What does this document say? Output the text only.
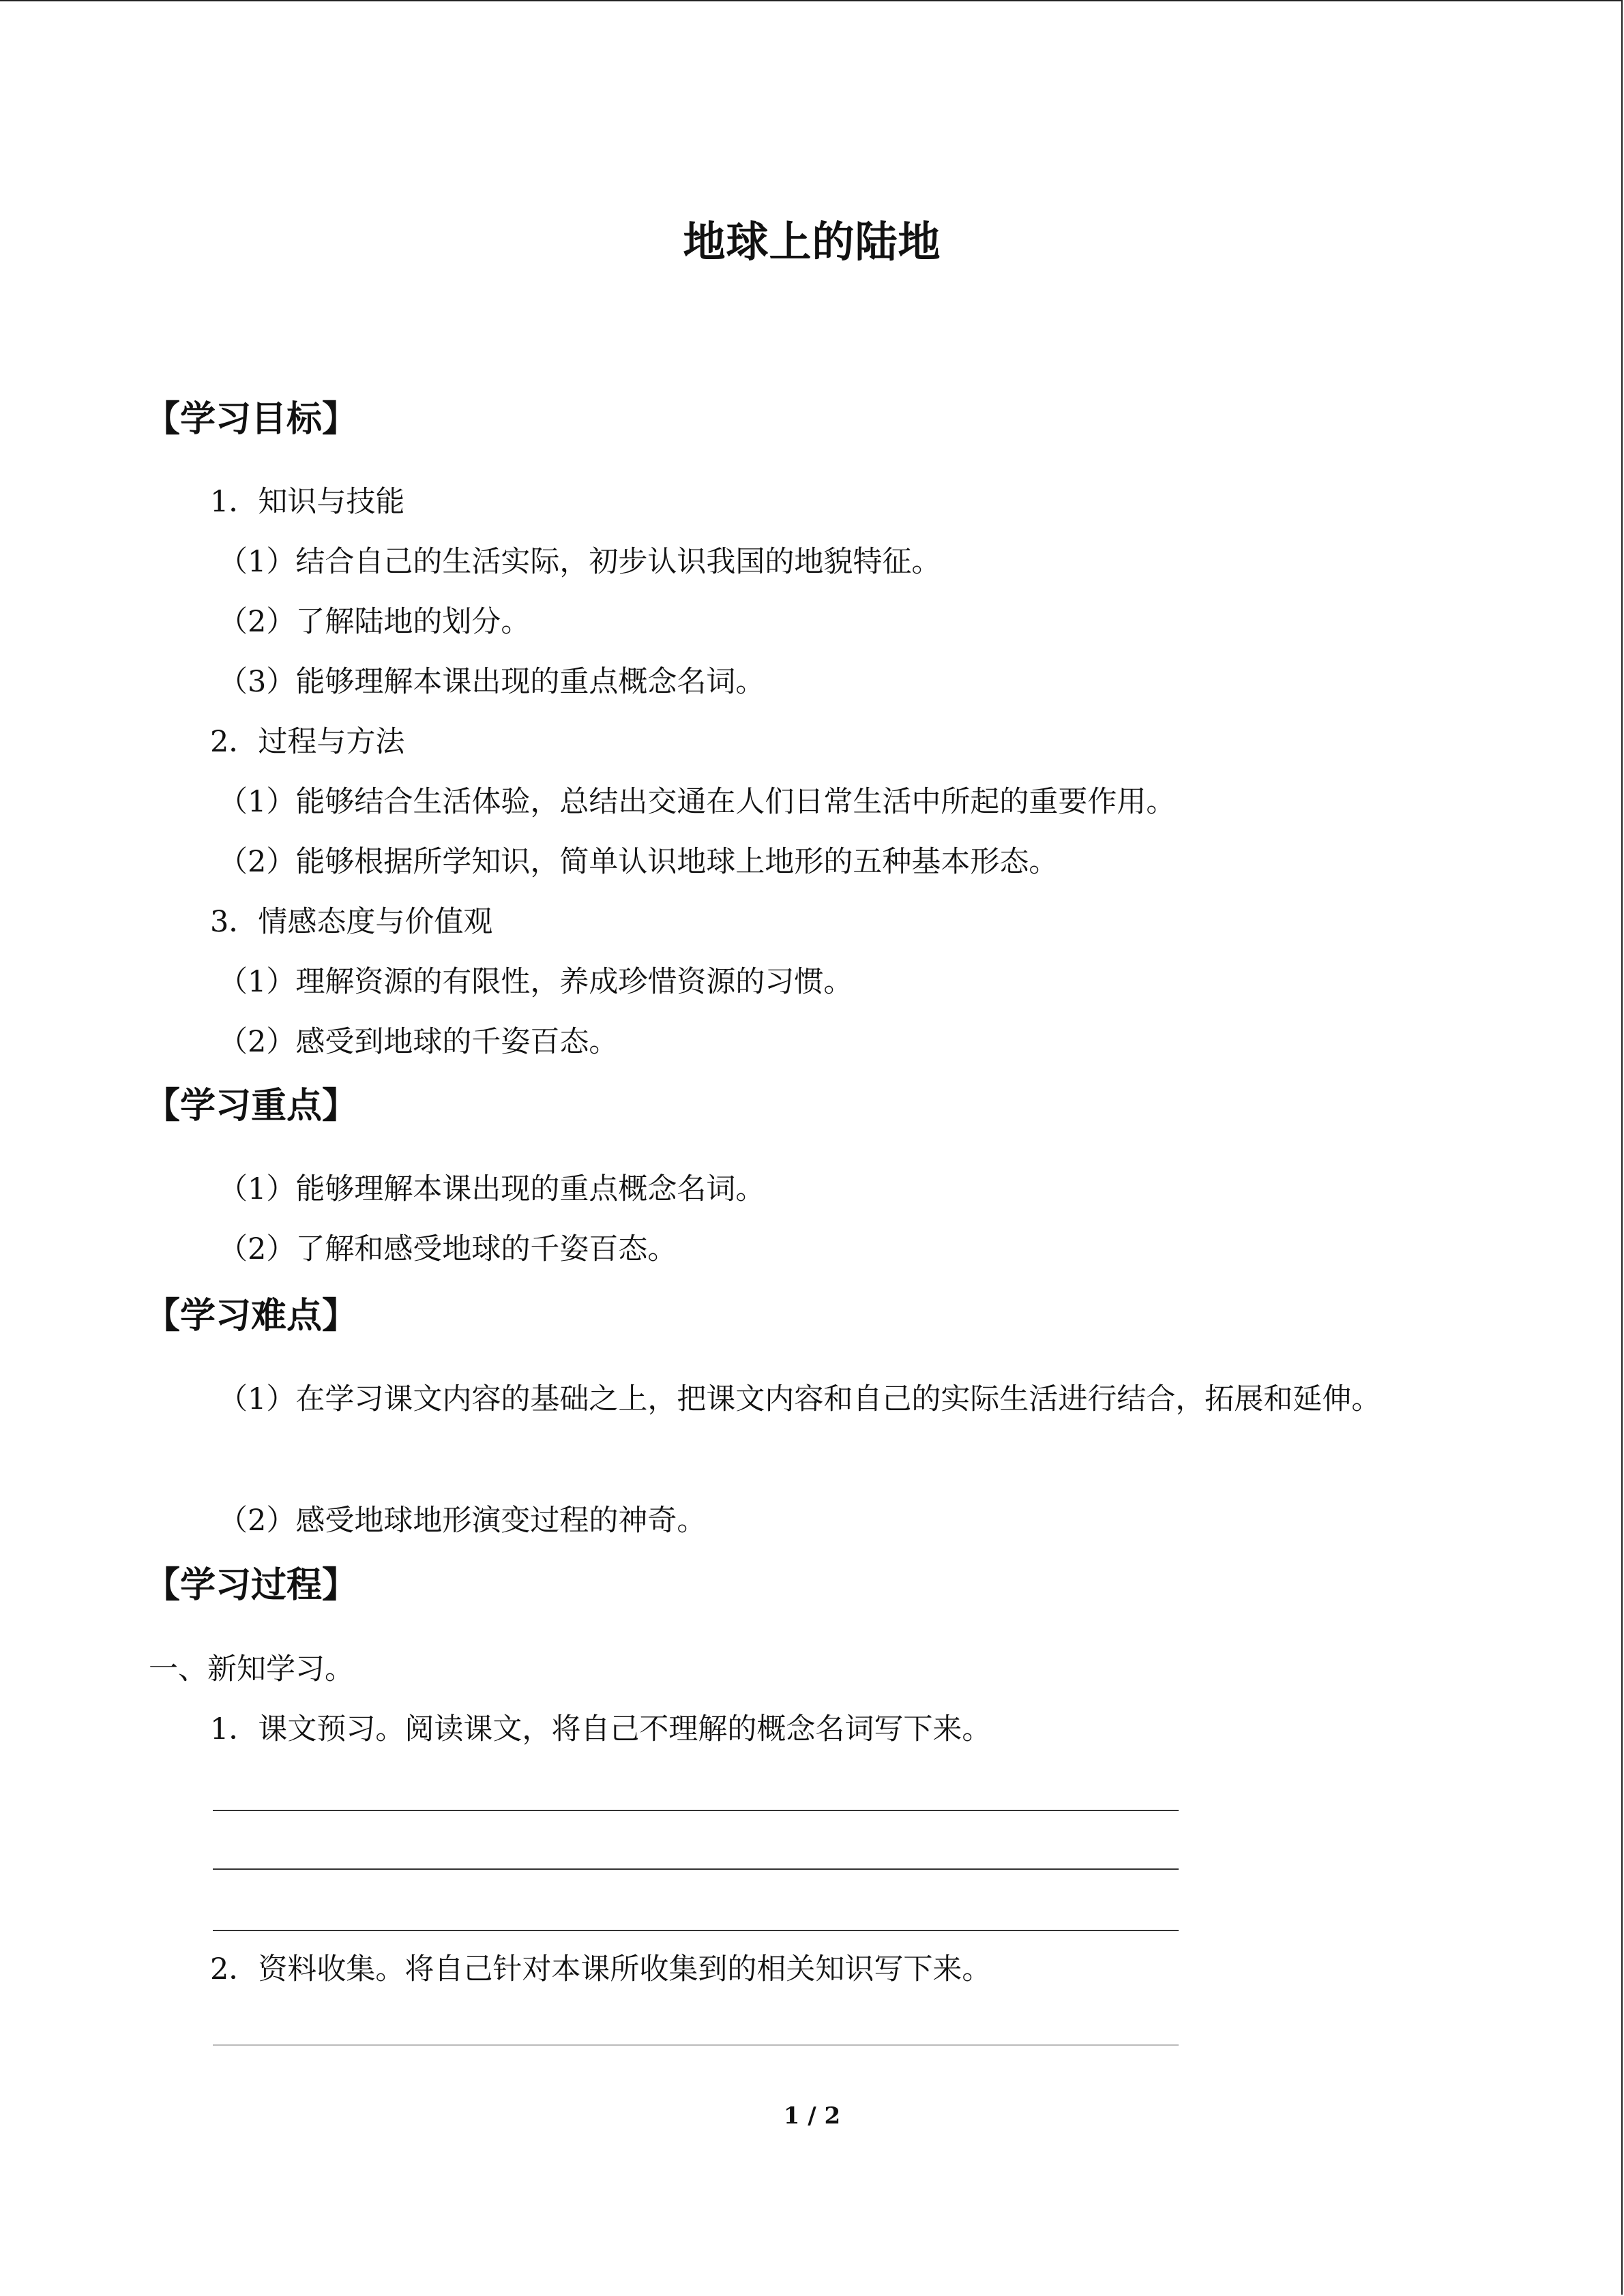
地球上的陆地
【学习目标】
1．知识与技能
（1）结合自己的生活实际，初步认识我国的地貌特征。
（2）了解陆地的划分。
（3）能够理解本课出现的重点概念名词。
2．过程与方法
（1）能够结合生活体验，总结出交通在人们日常生活中所起的重要作用。
（2）能够根据所学知识，简单认识地球上地形的五种基本形态。
3．情感态度与价值观
（1）理解资源的有限性，养成珍惜资源的习惯。
（2）感受到地球的千姿百态。
【学习重点】
（1）能够理解本课出现的重点概念名词。
（2）了解和感受地球的千姿百态。
【学习难点】
（1）在学习课文内容的基础之上，把课文内容和自己的实际生活进行结合，拓展和延伸。
（2）感受地球地形演变过程的神奇。
【学习过程】
一、新知学习。
1．课文预习。阅读课文，将自己不理解的概念名词写下来。
2．资料收集。将自己针对本课所收集到的相关知识写下来。
1 / 2
